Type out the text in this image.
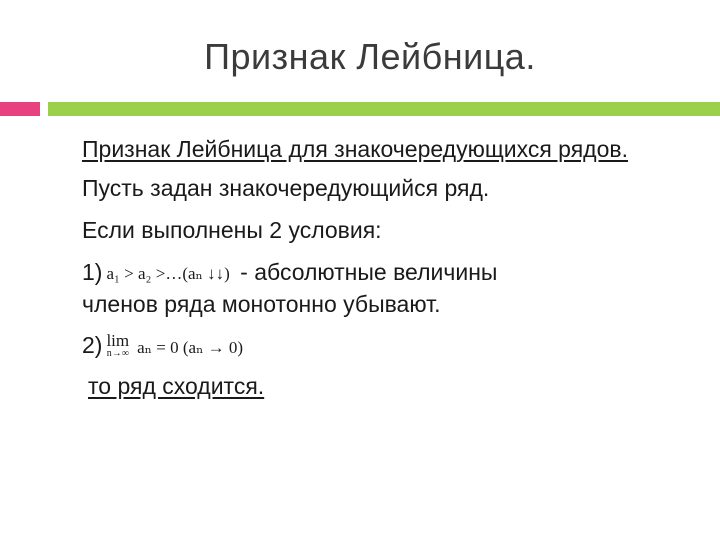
Признак Лейбница.
Признак Лейбница для знакочередующихся рядов.
Пусть задан знакочередующийся ряд.
Если выполнены 2 условия:
1) a₁ > a₂ >…(aₙ ↓↓) - абсолютные величины
членов ряда монотонно убывают.
2) lim
n→∞ aₙ = 0 (aₙ → 0)
то ряд сходится.
